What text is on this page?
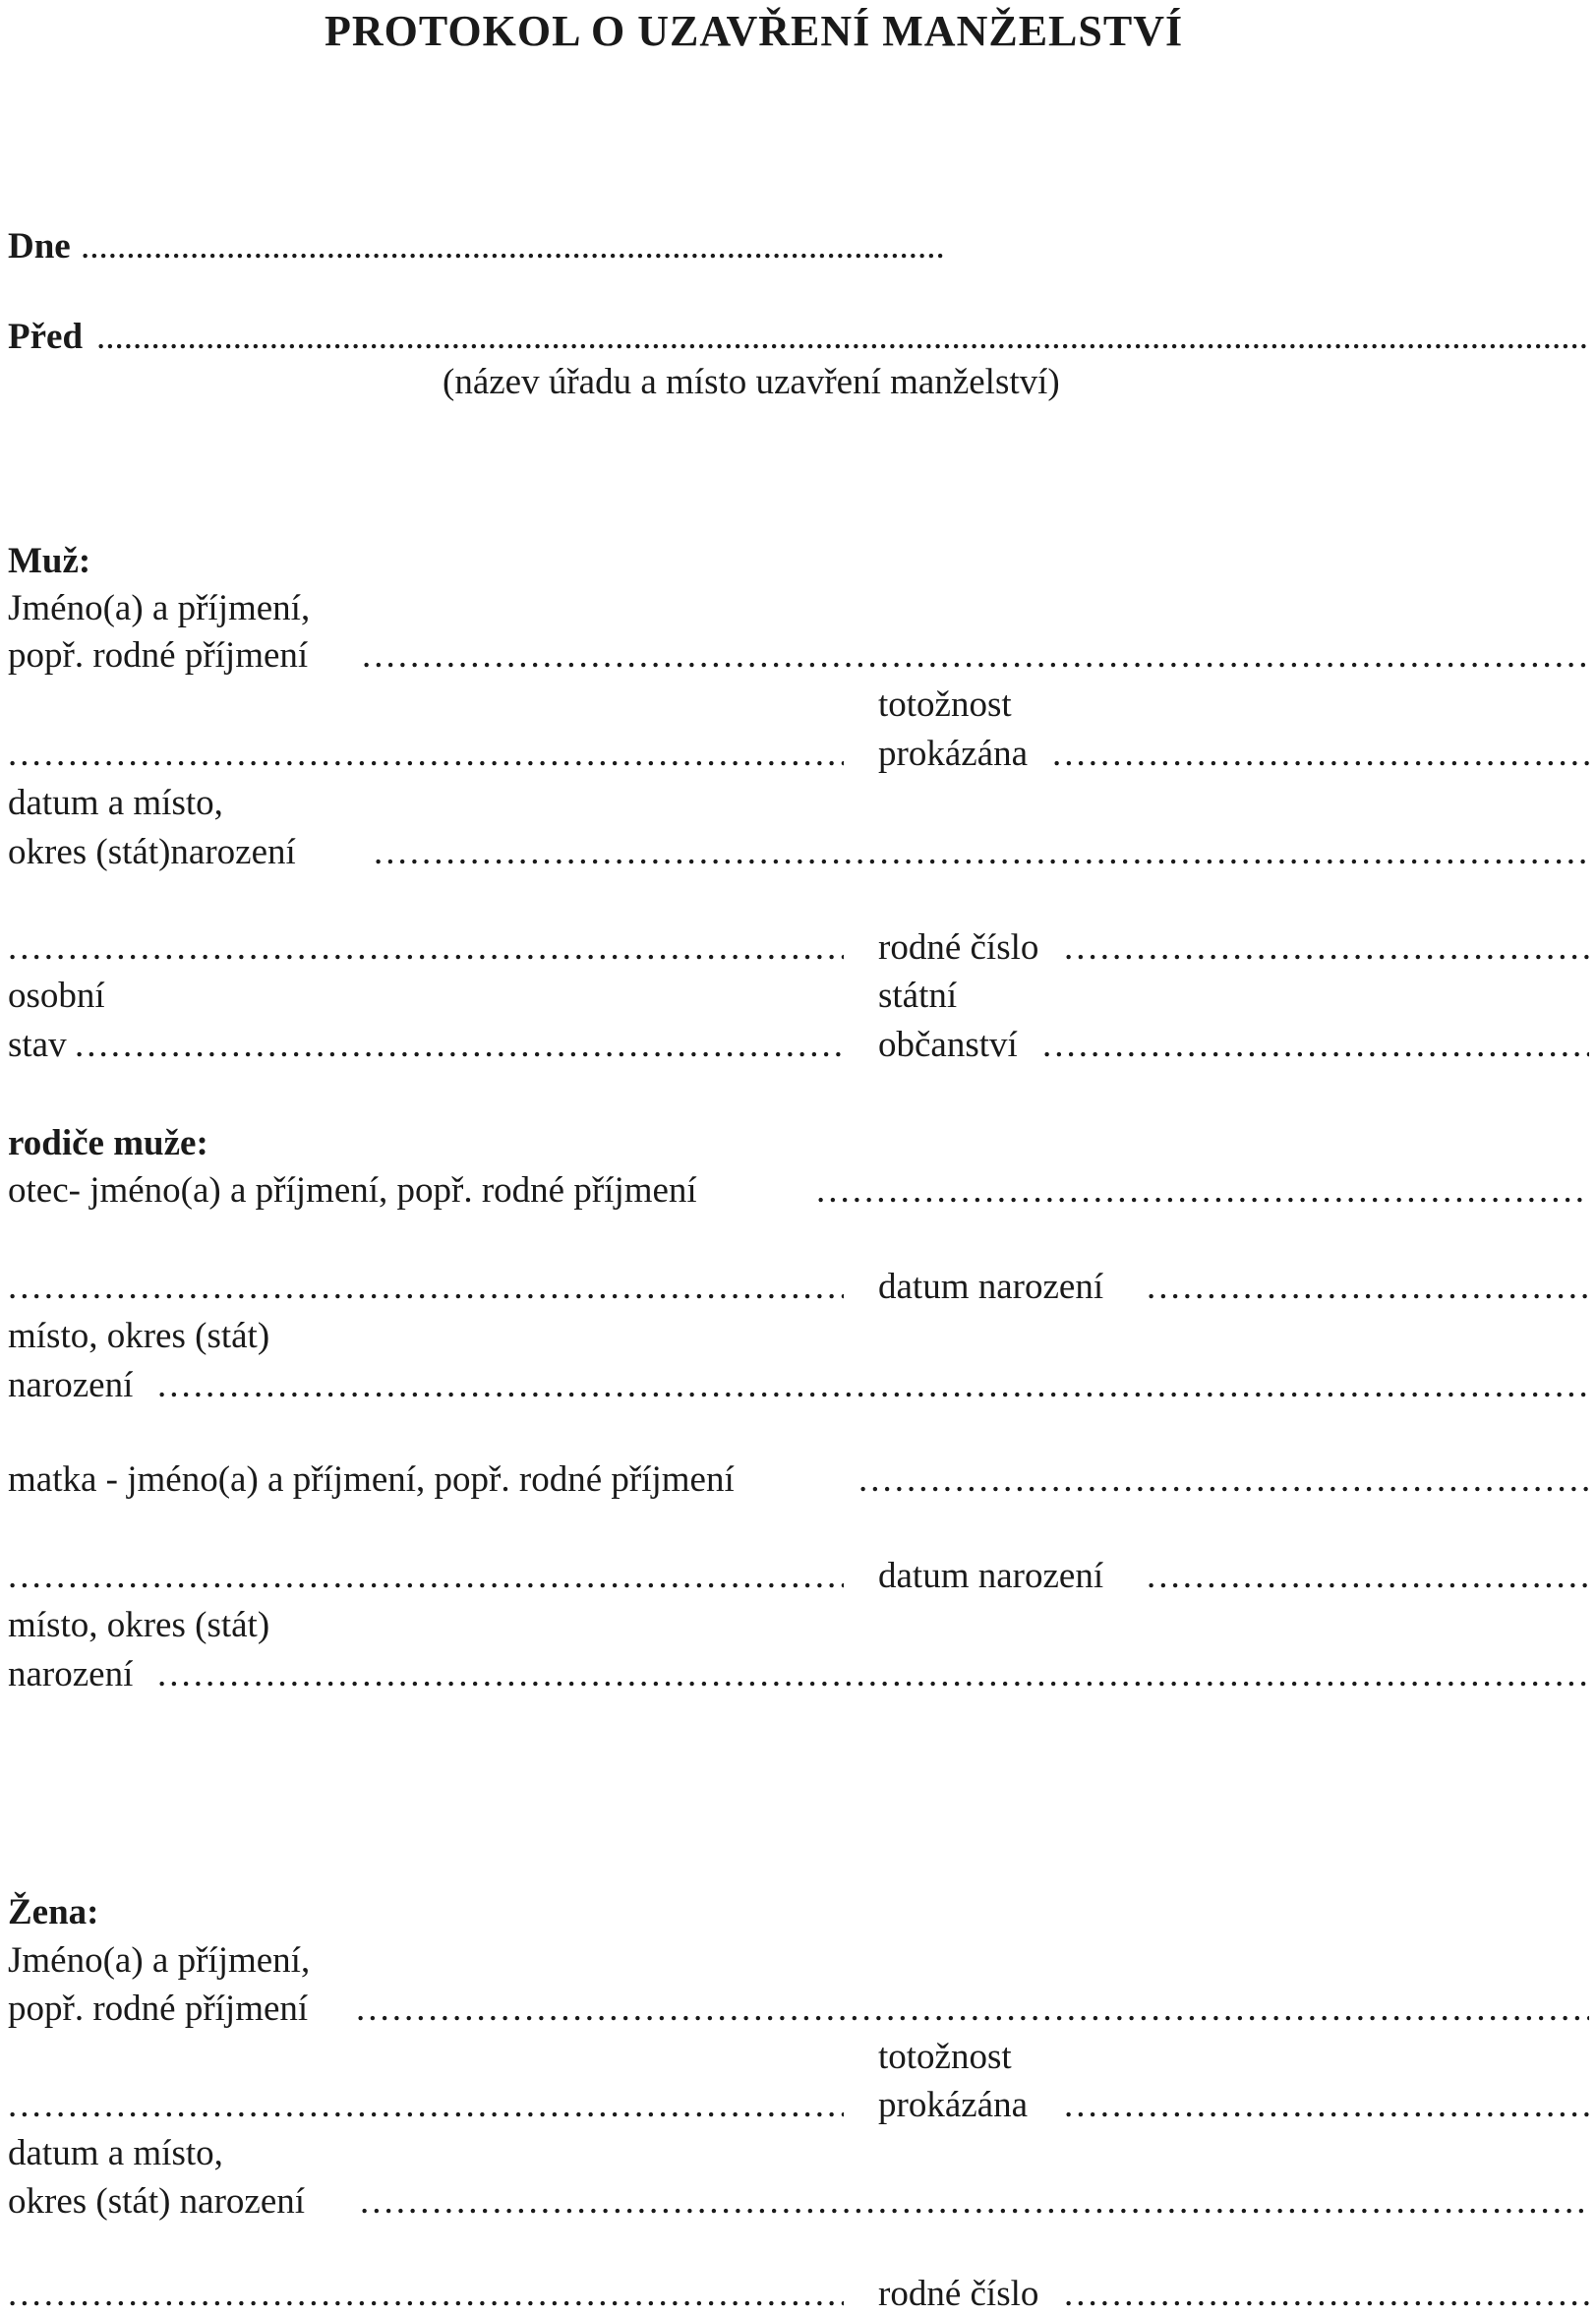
PROTOKOL O UZAVŘENÍ MANŽELSTVÍ
Dne
.....
Před
.....
(název úřadu a místo uzavření manželství)
Muž:
Jméno(a) a příjmení,
popř. rodné příjmení
.....
totožnost
.....
prokázána
.....
datum a místo,
okres (stát)narození
.....
.....
rodné číslo
.....
osobní	státní
stav
.....	občanství
.....
rodiče muže:
otec- jméno(a) a příjmení, popř. rodné příjmení
.....
.....
datum narození
.....
místo, okres (stát)
narození
.....
matka - jméno(a) a příjmení, popř. rodné příjmení
.....
.....
datum narození
.....
místo, okres (stát)
narození
.....
Žena:
Jméno(a) a příjmení,
popř. rodné příjmení
.....
totožnost
.....
prokázána
.....
datum a místo,
okres (stát) narození
.....
.....
rodné číslo
.....
